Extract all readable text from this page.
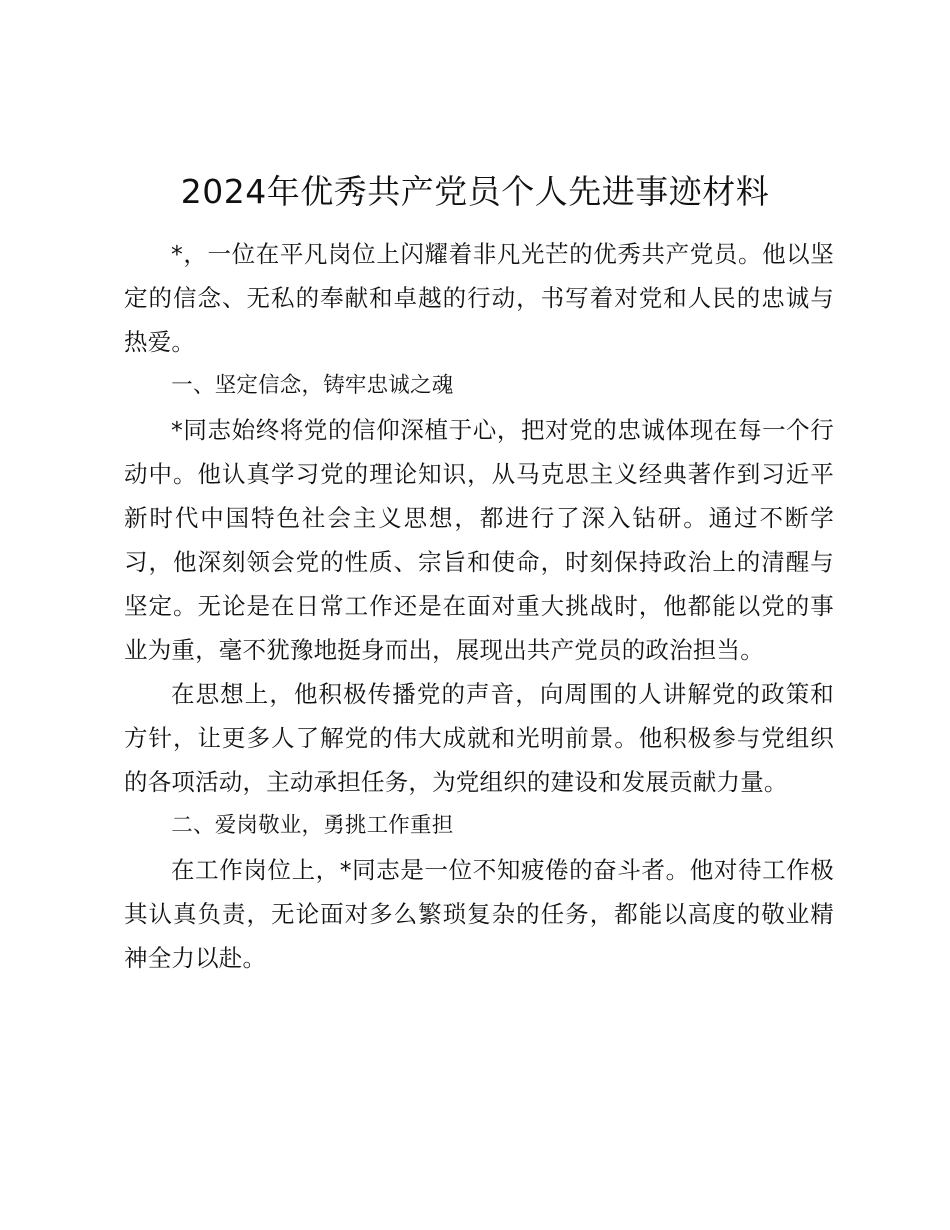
2024年优秀共产党员个人先进事迹材料

*，一位在平凡岗位上闪耀着非凡光芒的优秀共产党员。他以坚定的信念、无私的奉献和卓越的行动，书写着对党和人民的忠诚与热爱。

一、坚定信念，铸牢忠诚之魂

*同志始终将党的信仰深植于心，把对党的忠诚体现在每一个行动中。他认真学习党的理论知识，从马克思主义经典著作到习近平新时代中国特色社会主义思想，都进行了深入钻研。通过不断学习，他深刻领会党的性质、宗旨和使命，时刻保持政治上的清醒与坚定。无论是在日常工作还是在面对重大挑战时，他都能以党的事业为重，毫不犹豫地挺身而出，展现出共产党员的政治担当。

在思想上，他积极传播党的声音，向周围的人讲解党的政策和方针，让更多人了解党的伟大成就和光明前景。他积极参与党组织的各项活动，主动承担任务，为党组织的建设和发展贡献力量。

二、爱岗敬业，勇挑工作重担

在工作岗位上，*同志是一位不知疲倦的奋斗者。他对待工作极其认真负责，无论面对多么繁琐复杂的任务，都能以高度的敬业精神全力以赴。
